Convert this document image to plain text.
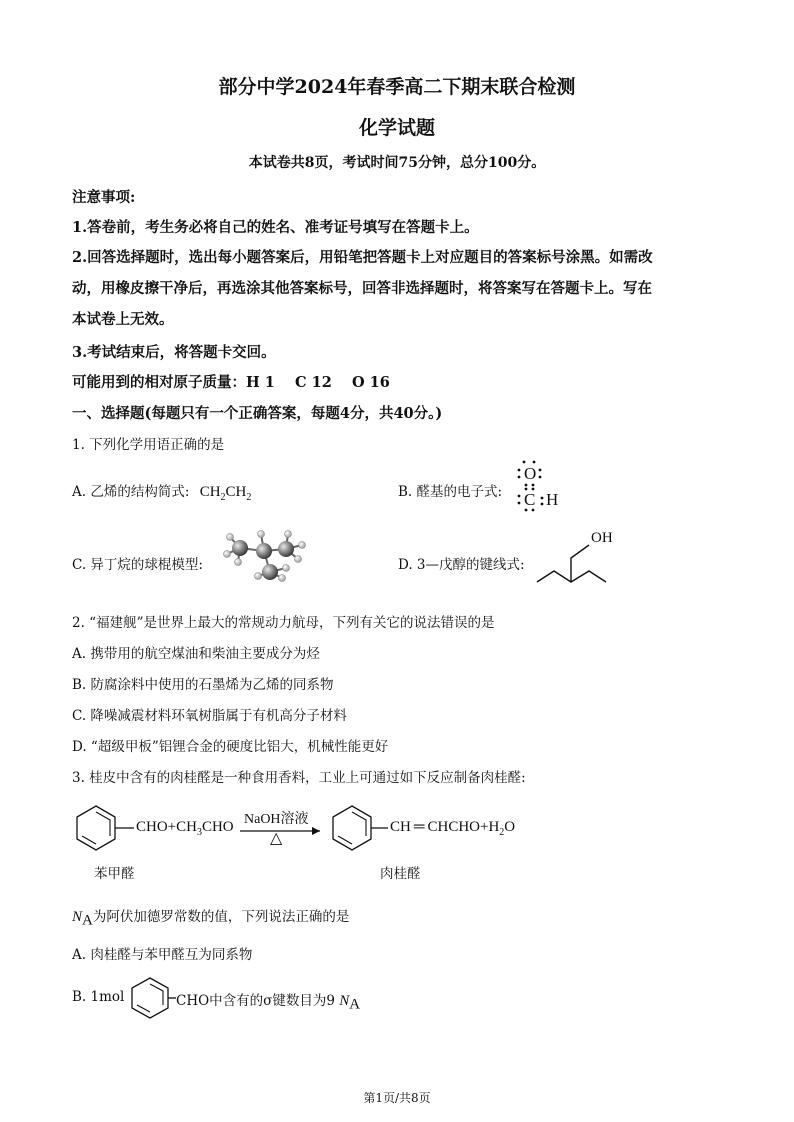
部分中学2024年春季高二下期末联合检测
化学试题
本试卷共8页，考试时间75分钟，总分100分。
注意事项:
1.答卷前，考生务必将自己的姓名、准考证号填写在答题卡上。
2.回答选择题时，选出每小题答案后，用铅笔把答题卡上对应题目的答案标号涂黑。如需改
动，用橡皮擦干净后，再选涂其他答案标号，回答非选择题时，将答案写在答题卡上。写在
本试卷上无效。
3.考试结束后，将答题卡交回。
可能用到的相对原子质量：H 1    C 12    O 16
一、选择题(每题只有一个正确答案，每题4分，共40分。)
1. 下列化学用语正确的是
A. 乙烯的结构简式: $CH_2CH_2$	B. 醛基的电子式:
O
C H
C. 异丁烷的球棍模型:	D. 3—戊醇的键线式:
OH
2. “福建舰”是世界上最大的常规动力航母，下列有关它的说法错误的是
A. 携带用的航空煤油和柴油主要成分为烃
B. 防腐涂料中使用的石墨烯为乙烯的同系物
C. 降噪减震材料环氧树脂属于有机高分子材料
D. “超级甲板”铝锂合金的硬度比铝大，机械性能更好
3. 桂皮中含有的肉桂醛是一种食用香料，工业上可通过如下反应制备肉桂醛:
$CHO+CH_3CHO$ NaOH溶液
△
CH ═ $CHCHO+H_2O$
苯甲醛	肉桂醛
$N_A$为阿伏加德罗常数的值，下列说法正确的是
A. 肉桂醛与苯甲醛互为同系物
B. 1mol	CHO中含有的σ键数目为9 $N_A$
第1页/共8页
